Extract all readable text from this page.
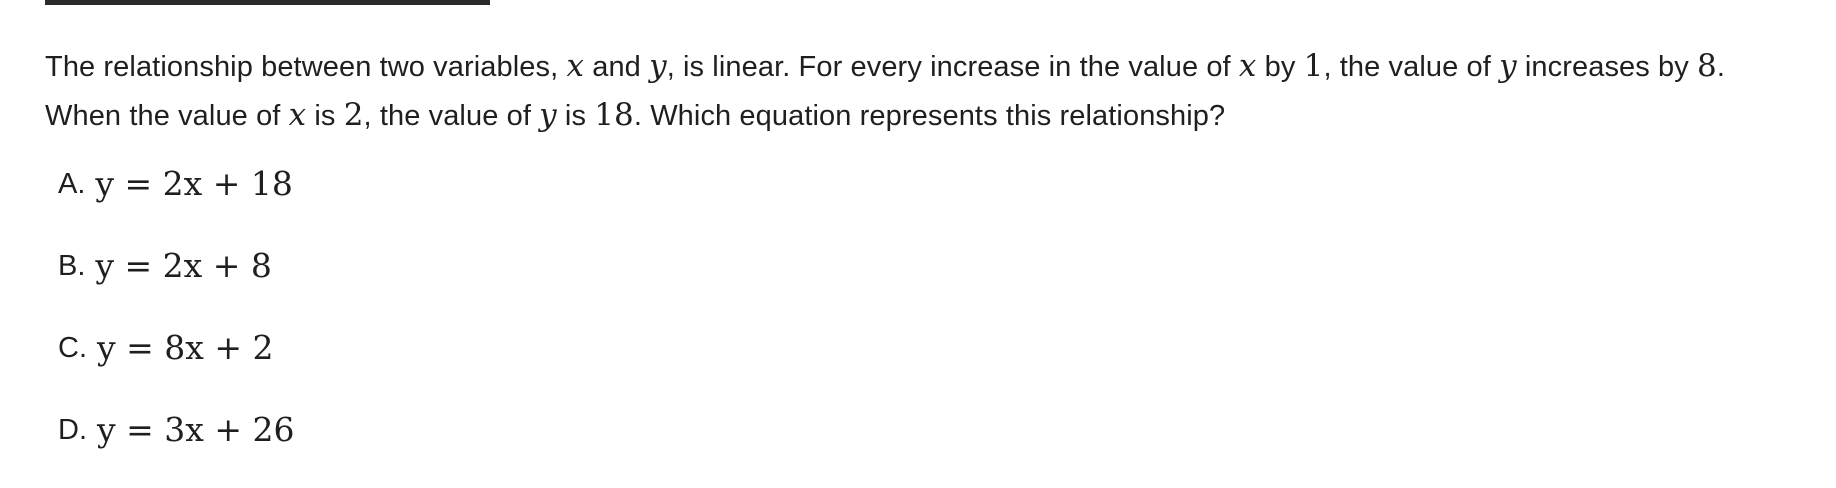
The relationship between two variables, x and y, is linear. For every increase in the value of x by 1, the value of y increases by 8. When the value of x is 2, the value of y is 18. Which equation represents this relationship?
A. y = 2x + 18
B. y = 2x + 8
C. y = 8x + 2
D. y = 3x + 26
